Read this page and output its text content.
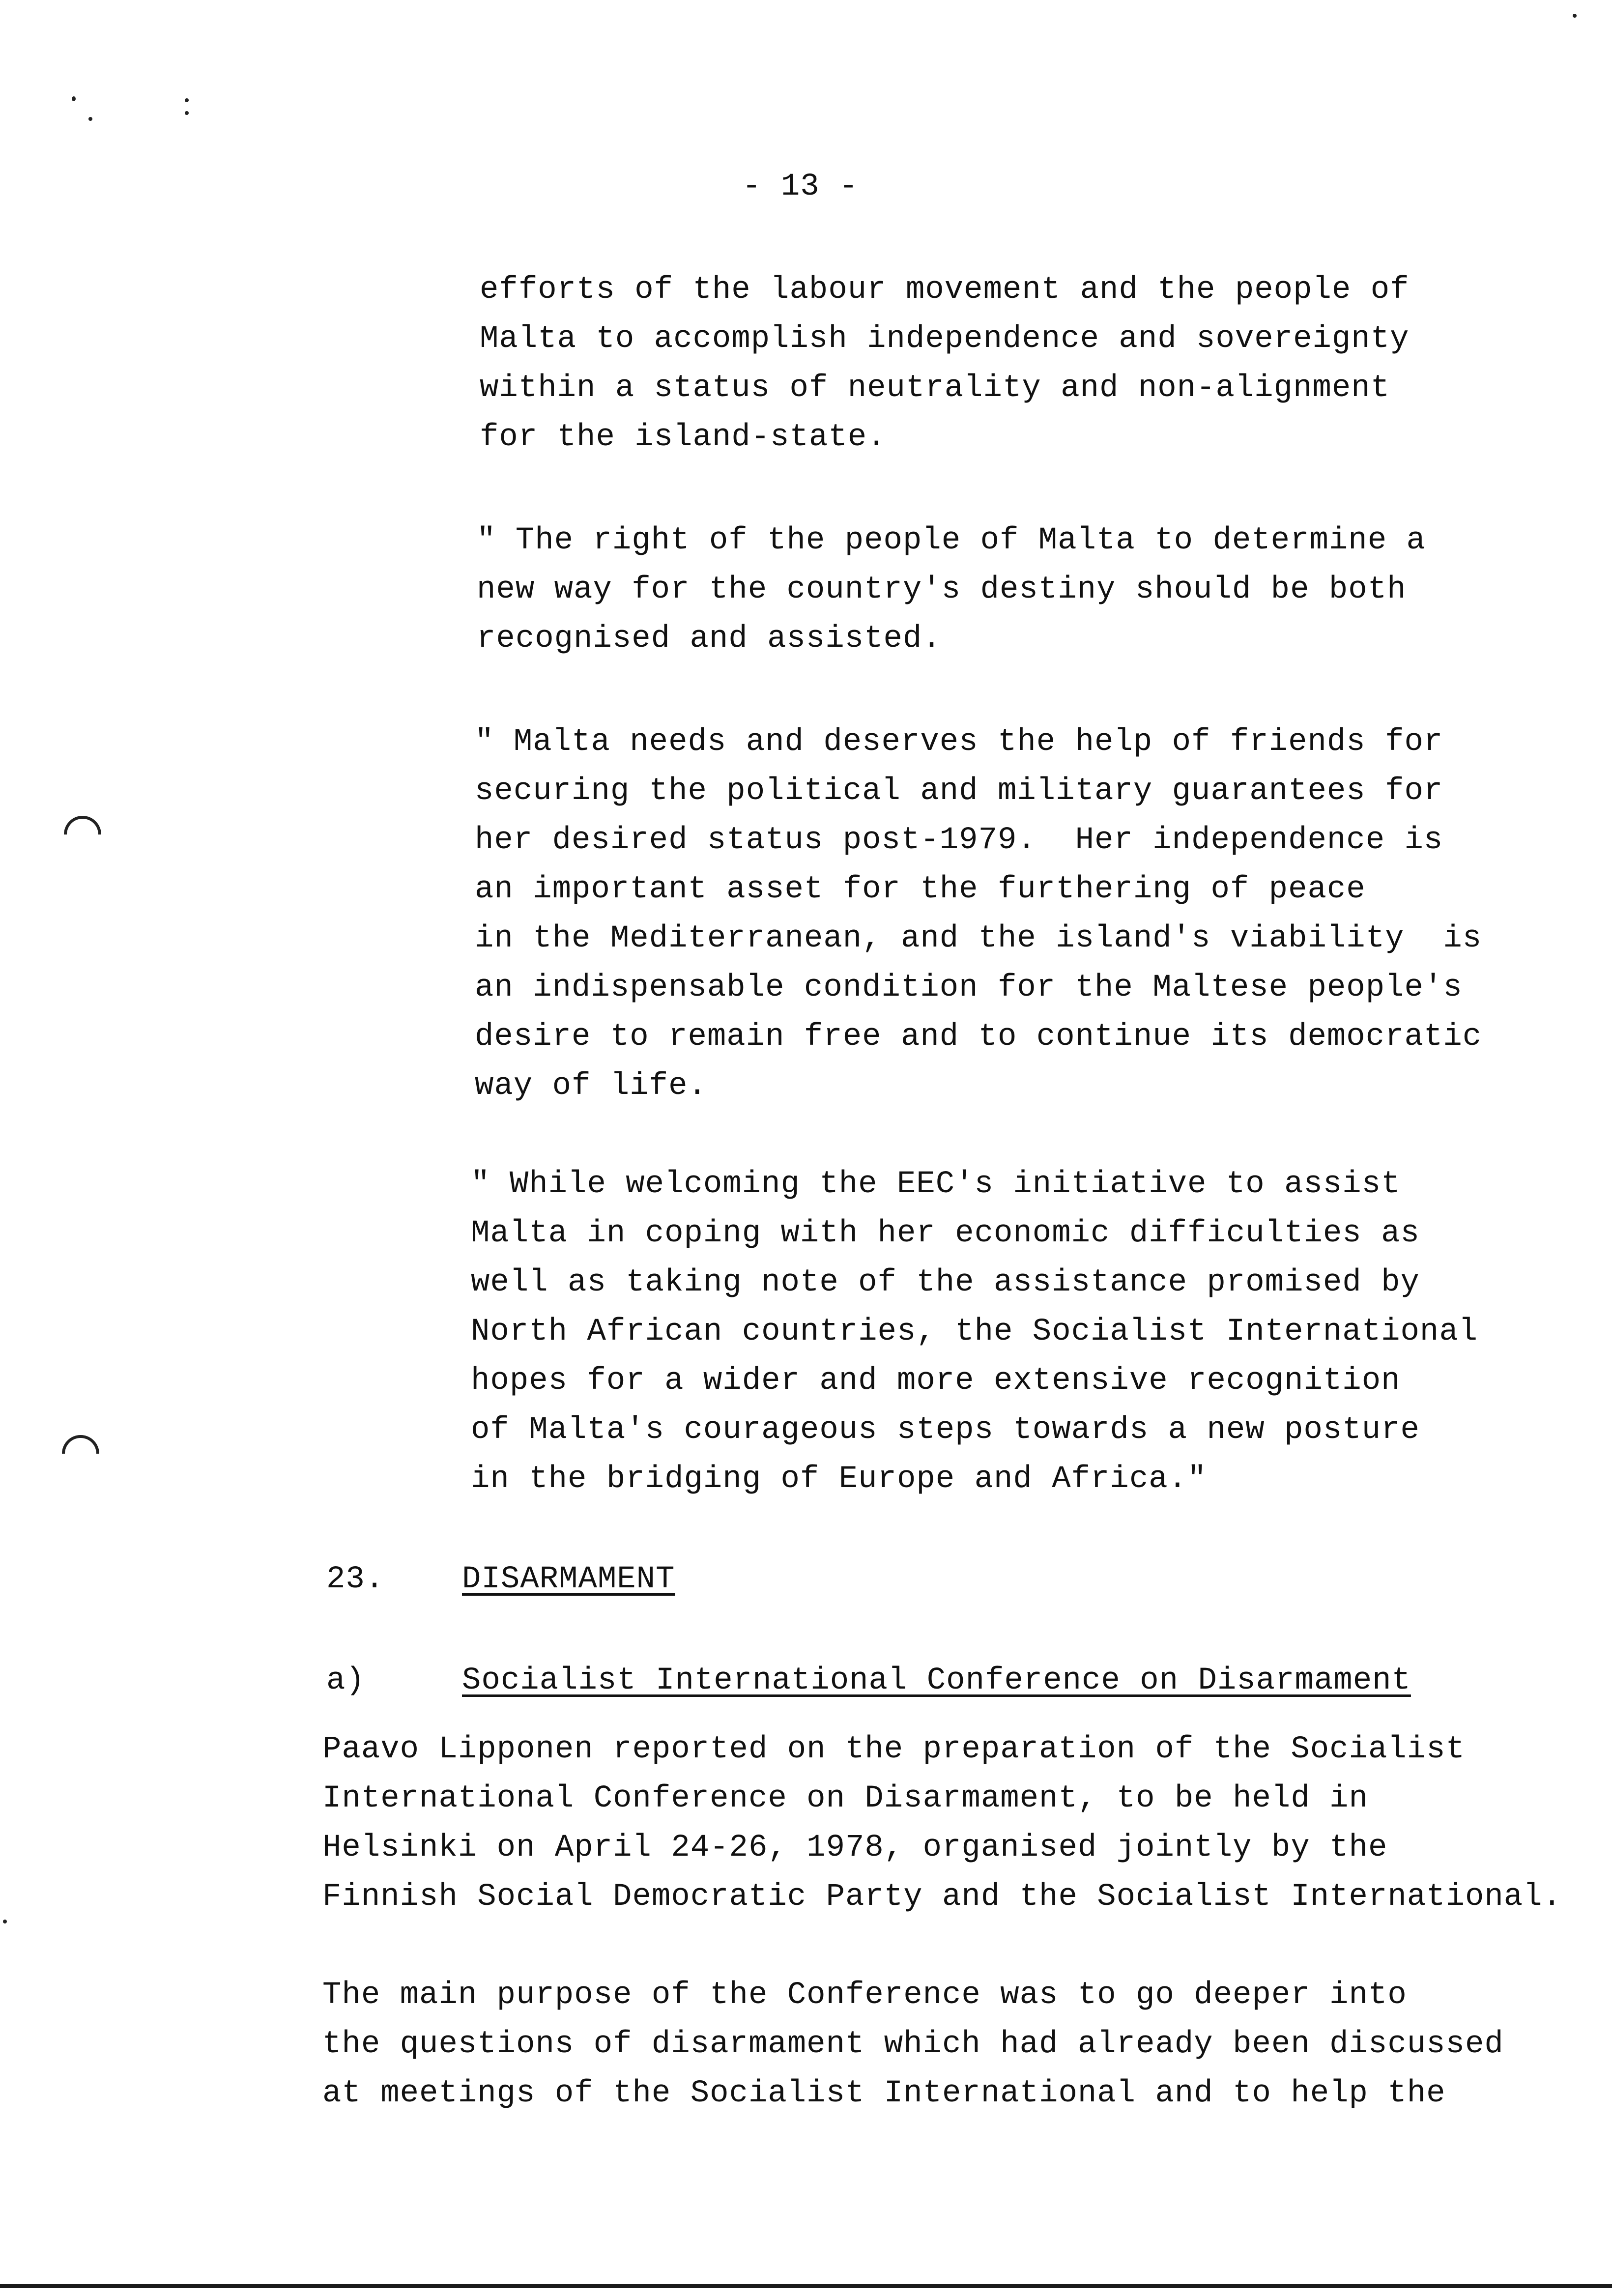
- 13 -
efforts of the labour movement and the people of
Malta to accomplish independence and sovereignty
within a status of neutrality and non-alignment
for the island-state.
" The right of the people of Malta to determine a
new way for the country's destiny should be both
recognised and assisted.
" Malta needs and deserves the help of friends for
securing the political and military guarantees for
her desired status post-1979.  Her independence is
an important asset for the furthering of peace
in the Mediterranean, and the island's viability  is
an indispensable condition for the Maltese people's
desire to remain free and to continue its democratic
way of life.
" While welcoming the EEC's initiative to assist
Malta in coping with her economic difficulties as
well as taking note of the assistance promised by
North African countries, the Socialist International
hopes for a wider and more extensive recognition
of Malta's courageous steps towards a new posture
in the bridging of Europe and Africa."
23. DISARMAMENT
a)	Socialist International Conference on Disarmament
Paavo Lipponen reported on the preparation of the Socialist
International Conference on Disarmament, to be held in
Helsinki on April 24-26, 1978, organised jointly by the
Finnish Social Democratic Party and the Socialist International.
The main purpose of the Conference was to go deeper into
the questions of disarmament which had already been discussed
at meetings of the Socialist International and to help the
